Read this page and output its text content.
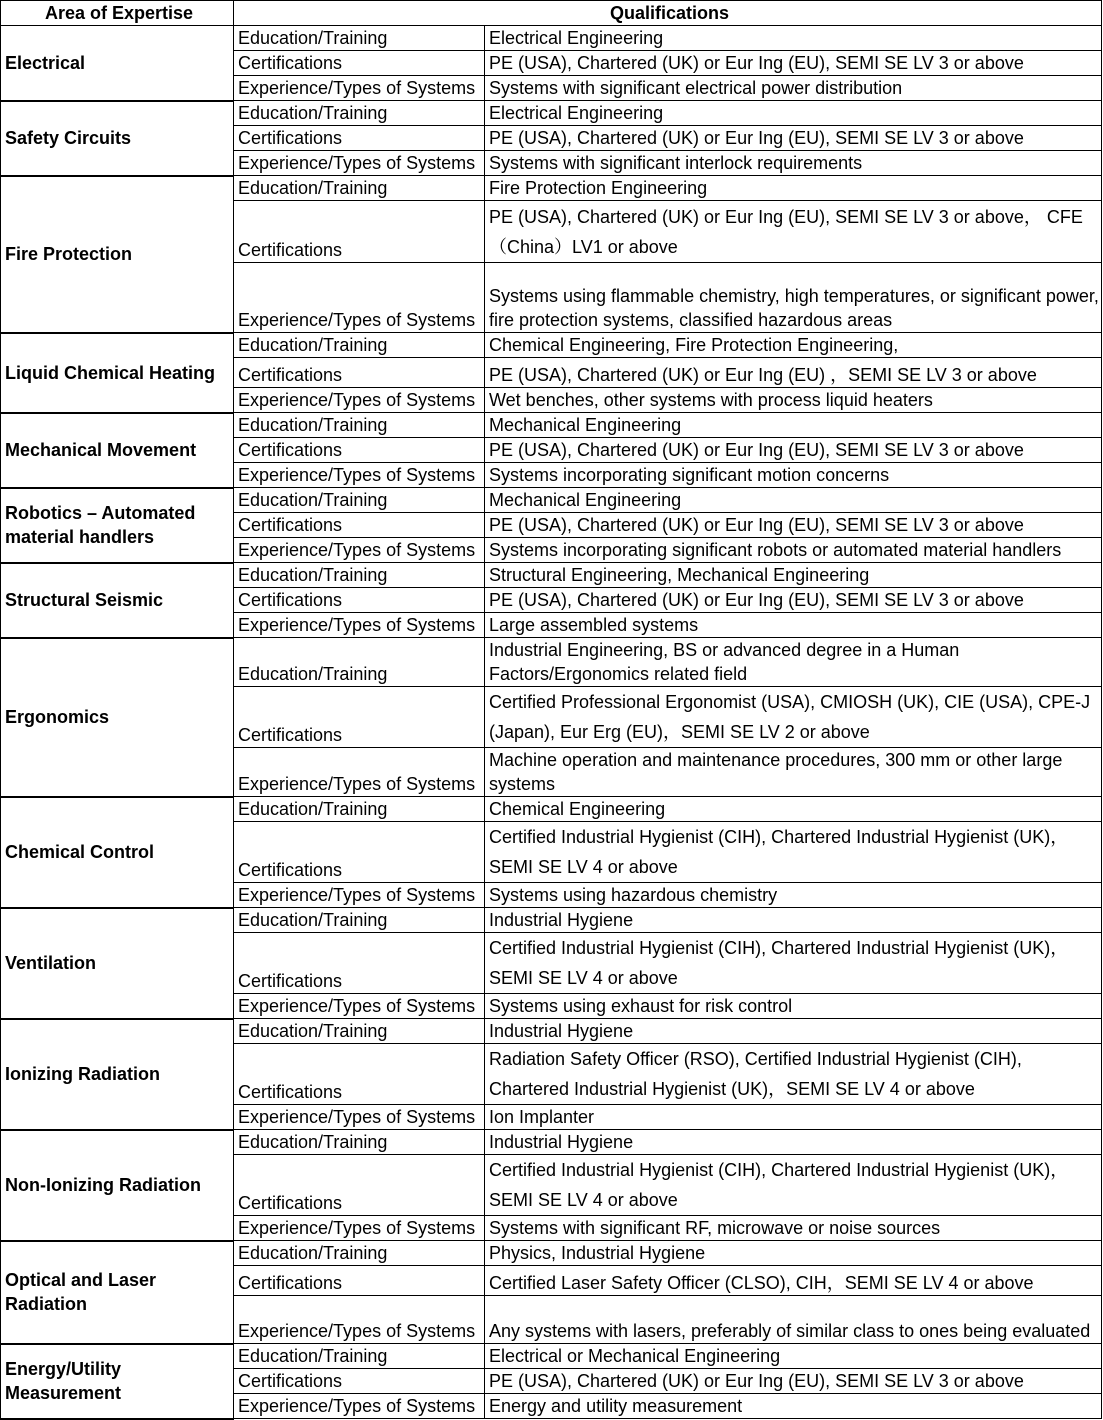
Area of Expertise	Qualifications	
Electrical	Education/Training	Electrical Engineering
	Certifications	PE (USA), Chartered (UK) or Eur Ing (EU), SEMI SE LV 3 or above
	Experience/Types of Systems	Systems with significant electrical power distribution
Safety Circuits	Education/Training	Electrical Engineering
	Certifications	PE (USA), Chartered (UK) or Eur Ing (EU), SEMI SE LV 3 or above
	Experience/Types of Systems	Systems with significant interlock requirements
Fire Protection	Education/Training	Fire Protection Engineering
	Certifications	PE (USA), Chartered (UK) or Eur Ing (EU), SEMI SE LV 3 or above， CFE（China）LV1 or above
	Experience/Types of Systems	Systems using flammable chemistry, high temperatures, or significant power, fire protection systems, classified hazardous areas
Liquid Chemical Heating	Education/Training	Chemical Engineering, Fire Protection Engineering,
	Certifications	PE (USA), Chartered (UK) or Eur Ing (EU) ，SEMI SE LV 3 or above
	Experience/Types of Systems	Wet benches, other systems with process liquid heaters
Mechanical Movement	Education/Training	Mechanical Engineering
	Certifications	PE (USA), Chartered (UK) or Eur Ing (EU), SEMI SE LV 3 or above
	Experience/Types of Systems	Systems incorporating significant motion concerns
Robotics – Automated material handlers	Education/Training	Mechanical Engineering
	Certifications	PE (USA), Chartered (UK) or Eur Ing (EU), SEMI SE LV 3 or above
	Experience/Types of Systems	Systems incorporating significant robots or automated material handlers
Structural Seismic	Education/Training	Structural Engineering, Mechanical Engineering
	Certifications	PE (USA), Chartered (UK) or Eur Ing (EU), SEMI SE LV 3 or above
	Experience/Types of Systems	Large assembled systems
Ergonomics	Education/Training	Industrial Engineering, BS or advanced degree in a Human Factors/Ergonomics related field
	Certifications	Certified Professional Ergonomist (USA), CMIOSH (UK), CIE (USA), CPE-J (Japan), Eur Erg (EU)，SEMI SE LV 2 or above
	Experience/Types of Systems	Machine operation and maintenance procedures, 300 mm or other large systems
Chemical Control	Education/Training	Chemical Engineering
	Certifications	Certified Industrial Hygienist (CIH), Chartered Industrial Hygienist (UK)， SEMI SE LV 4 or above
	Experience/Types of Systems	Systems using hazardous chemistry
Ventilation	Education/Training	Industrial Hygiene
	Certifications	Certified Industrial Hygienist (CIH), Chartered Industrial Hygienist (UK)， SEMI SE LV 4 or above
	Experience/Types of Systems	Systems using exhaust for risk control
Ionizing Radiation	Education/Training	Industrial Hygiene
	Certifications	Radiation Safety Officer (RSO), Certified Industrial Hygienist (CIH), Chartered Industrial Hygienist (UK)，SEMI SE LV 4 or above
	Experience/Types of Systems	Ion Implanter
Non-Ionizing Radiation	Education/Training	Industrial Hygiene
	Certifications	Certified Industrial Hygienist (CIH), Chartered Industrial Hygienist (UK)， SEMI SE LV 4 or above
	Experience/Types of Systems	Systems with significant RF, microwave or noise sources
Optical and Laser Radiation	Education/Training	Physics, Industrial Hygiene
	Certifications	Certified Laser Safety Officer (CLSO), CIH，SEMI SE LV 4 or above
	Experience/Types of Systems	Any systems with lasers, preferably of similar class to ones being evaluated
Energy/Utility Measurement	Education/Training	Electrical or Mechanical Engineering
	Certifications	PE (USA), Chartered (UK) or Eur Ing (EU), SEMI SE LV 3 or above
	Experience/Types of Systems	Energy and utility measurement
